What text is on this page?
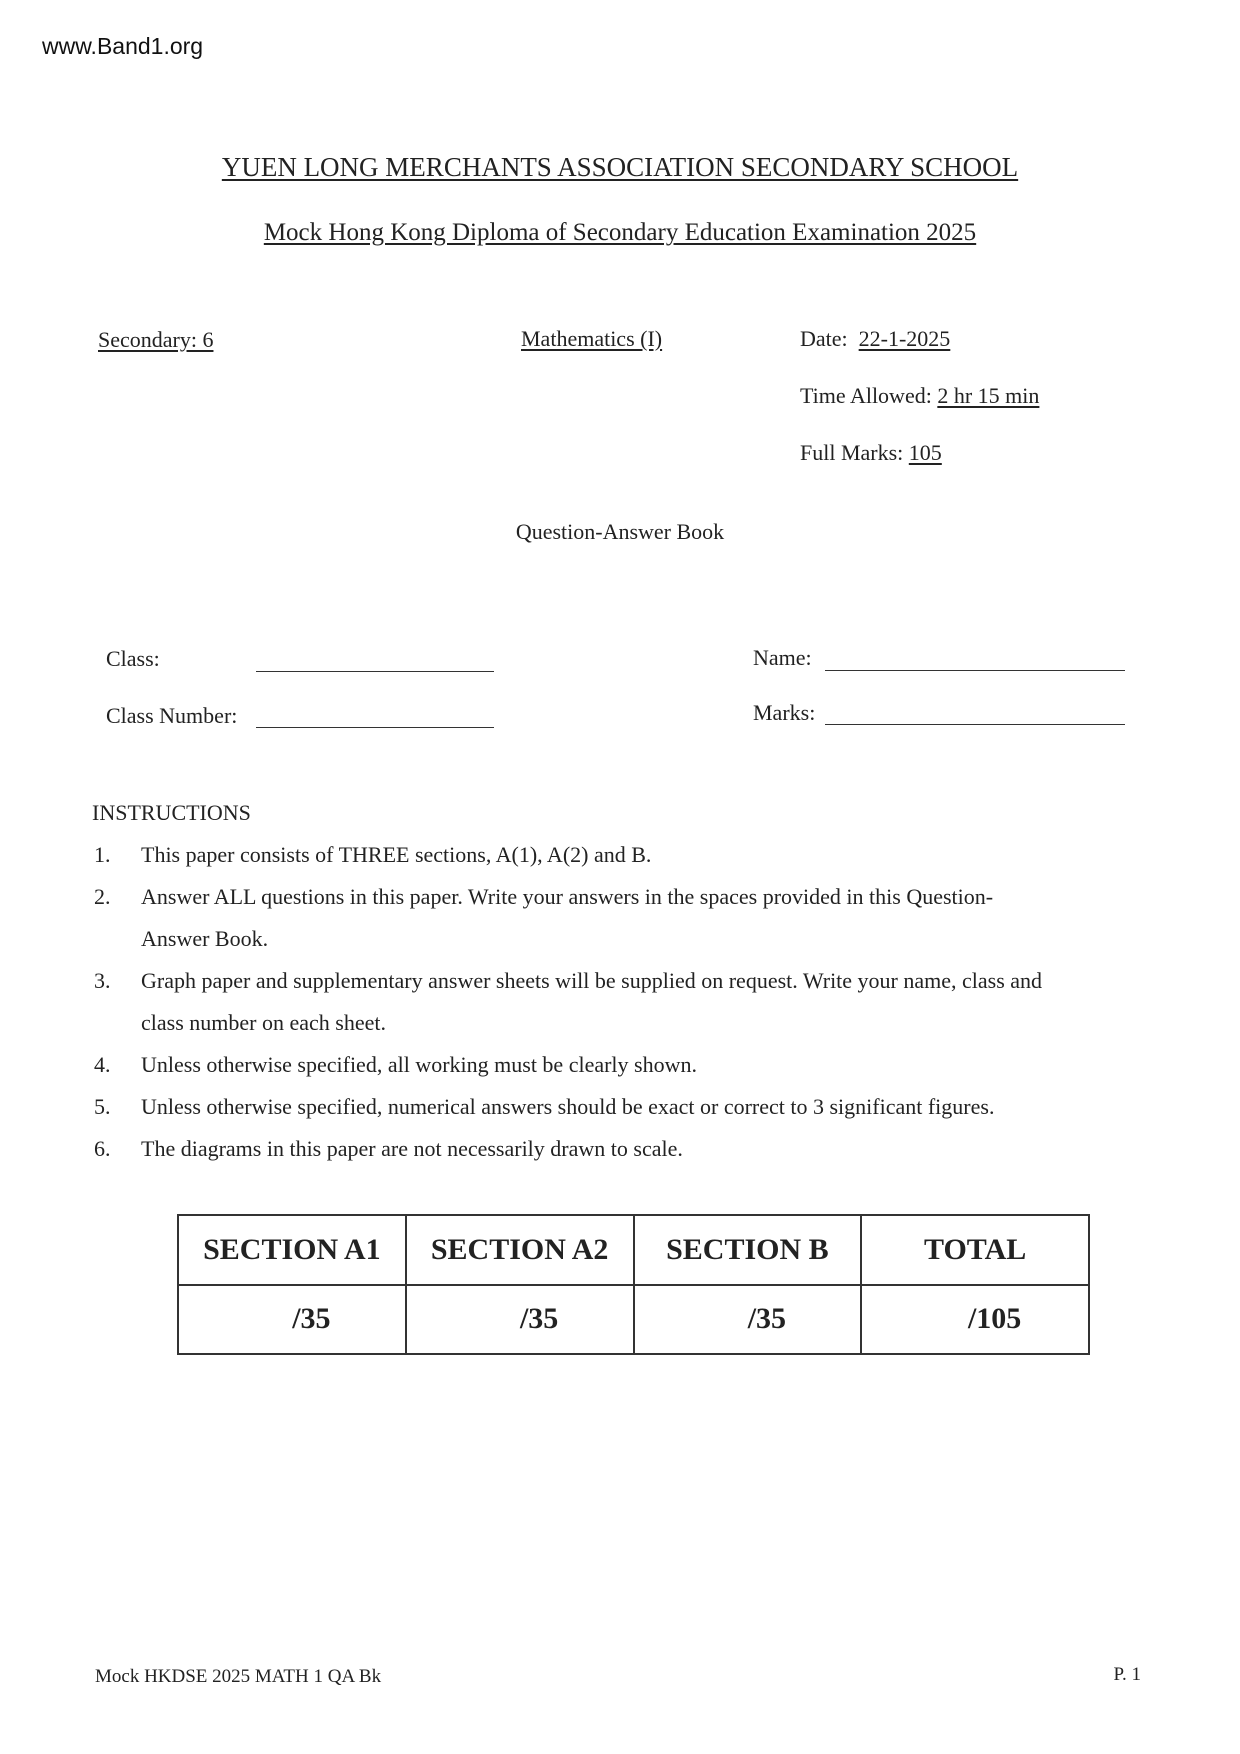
www.Band1.org
YUEN LONG MERCHANTS ASSOCIATION SECONDARY SCHOOL
Mock Hong Kong Diploma of Secondary Education Examination 2025
Secondary: 6	Mathematics (I)	Date: 22-1-2025
Time Allowed: 2 hr 15 min
Full Marks: 105
Question-Answer Book
Class:
Class Number:
Name:
Marks:
INSTRUCTIONS
1. This paper consists of THREE sections, A(1), A(2) and B.
2. Answer ALL questions in this paper. Write your answers in the spaces provided in this Question-
Answer Book.
3. Graph paper and supplementary answer sheets will be supplied on request. Write your name, class and
class number on each sheet.
4. Unless otherwise specified, all working must be clearly shown.
5. Unless otherwise specified, numerical answers should be exact or correct to 3 significant figures.
6. The diagrams in this paper are not necessarily drawn to scale.
SECTION A1	SECTION A2	SECTION B	TOTAL
/35	/35	/35	/105
Mock HKDSE 2025 MATH 1 QA Bk	P. 1
